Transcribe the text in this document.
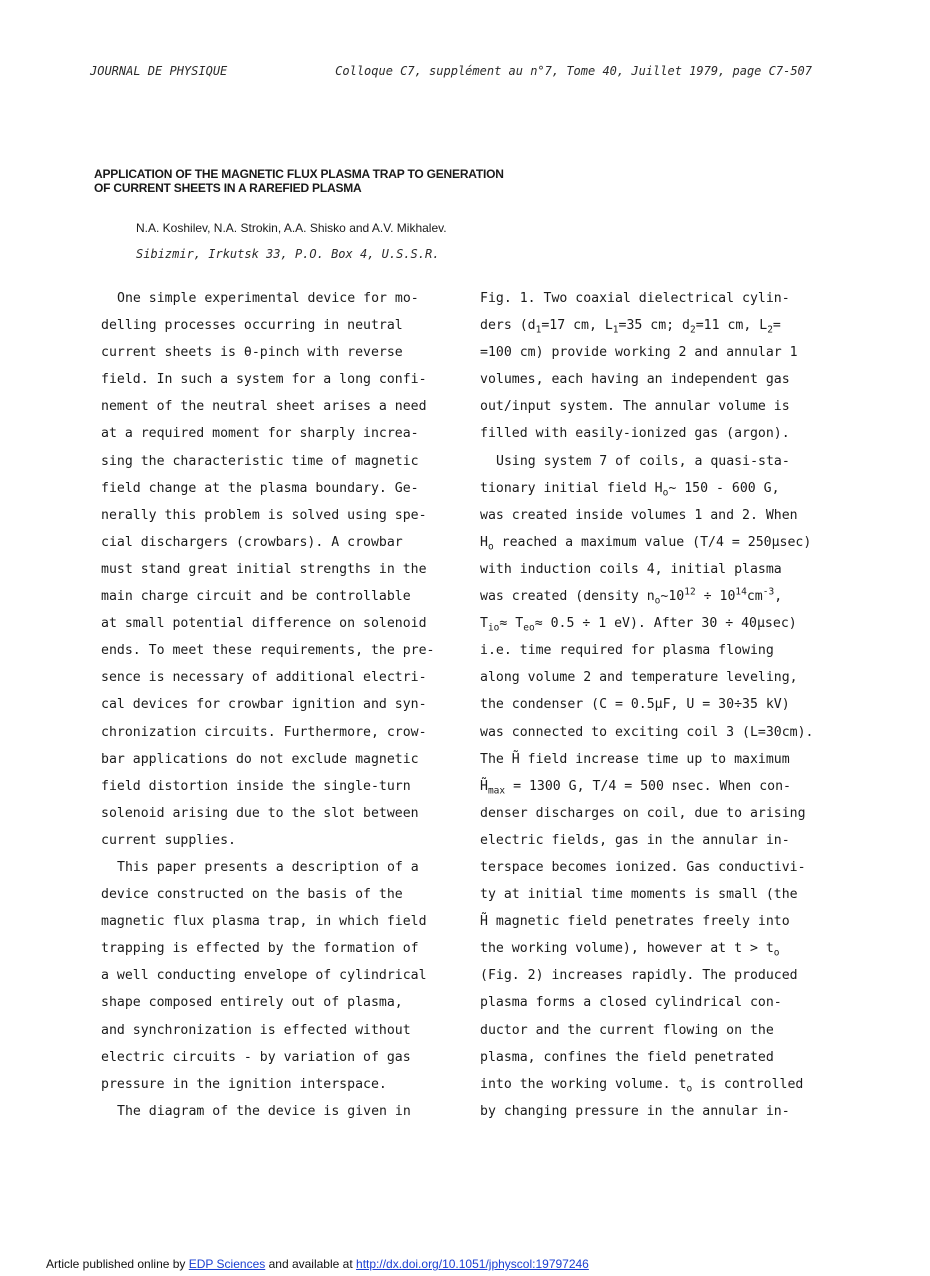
JOURNAL DE PHYSIQUE	Colloque C7, supplément au n°7, Tome 40, Juillet 1979, page C7-507
APPLICATION OF THE MAGNETIC FLUX PLASMA TRAP TO GENERATION
OF CURRENT SHEETS IN A RAREFIED PLASMA
N.A. Koshilev, N.A. Strokin, A.A. Shisko and A.V. Mikhalev.
Sibizmir, Irkutsk 33, P.O. Box 4, U.S.S.R.
One simple experimental device for mo-
delling processes occurring in neutral
current sheets is θ-pinch with reverse
field. In such a system for a long confi-
nement of the neutral sheet arises a need
at a required moment for sharply increa-
sing the characteristic time of magnetic
field change at the plasma boundary. Ge-
nerally this problem is solved using spe-
cial dischargers (crowbars). A crowbar
must stand great initial strengths in the
main charge circuit and be controllable
at small potential difference on solenoid
ends. To meet these requirements, the pre-
sence is necessary of additional electri-
cal devices for crowbar ignition and syn-
chronization circuits. Furthermore, crow-
bar applications do not exclude magnetic
field distortion inside the single-turn
solenoid arising due to the slot between
current supplies.
This paper presents a description of a
device constructed on the basis of the
magnetic flux plasma trap, in which field
trapping is effected by the formation of
a well conducting envelope of cylindrical
shape composed entirely out of plasma,
and synchronization is effected without
electric circuits - by variation of gas
pressure in the ignition interspace.
The diagram of the device is given in
Fig. 1. Two coaxial dielectrical cylin-
ders ($d_1=17$ cm, $L_1=35$ cm; $d_2=11$ cm, $L_2=$
=100 cm) provide working 2 and annular 1
volumes, each having an independent gas
out/input system. The annular volume is
filled with easily-ionized gas (argon).
Using system 7 of coils, a quasi-sta-
tionary initial field $H_o\sim$ 150 - 600 G,
was created inside volumes 1 and 2. When
$H_o$ reached a maximum value (T/4 = 250μsec)
with induction coils 4, initial plasma
was created (density $n_o\sim 10^{12} \div 10^{14}cm^{-3}$,
$T_{io}\approx T_{eo}\approx 0.5 \div 1$ eV). After 30 ÷ 40μsec)
i.e. time required for plasma flowing
along volume 2 and temperature leveling,
the condenser (C = 0.5μF, U = 30÷35 kV)
was connected to exciting coil 3 (L=30cm).
The H̃ field increase time up to maximum
$H̃_{max} = 1300$ G, T/4 = 500 nsec. When con-
denser discharges on coil, due to arising
electric fields, gas in the annular in-
terspace becomes ionized. Gas conductivi-
ty at initial time moments is small (the
H̃ magnetic field penetrates freely into
the working volume), however at $t > t_o$
(Fig. 2) increases rapidly. The produced
plasma forms a closed cylindrical con-
ductor and the current flowing on the
plasma, confines the field penetrated
into the working volume. $t_o$ is controlled
by changing pressure in the annular in-
Article published online by EDP Sciences and available at http://dx.doi.org/10.1051/jphyscol:19797246
